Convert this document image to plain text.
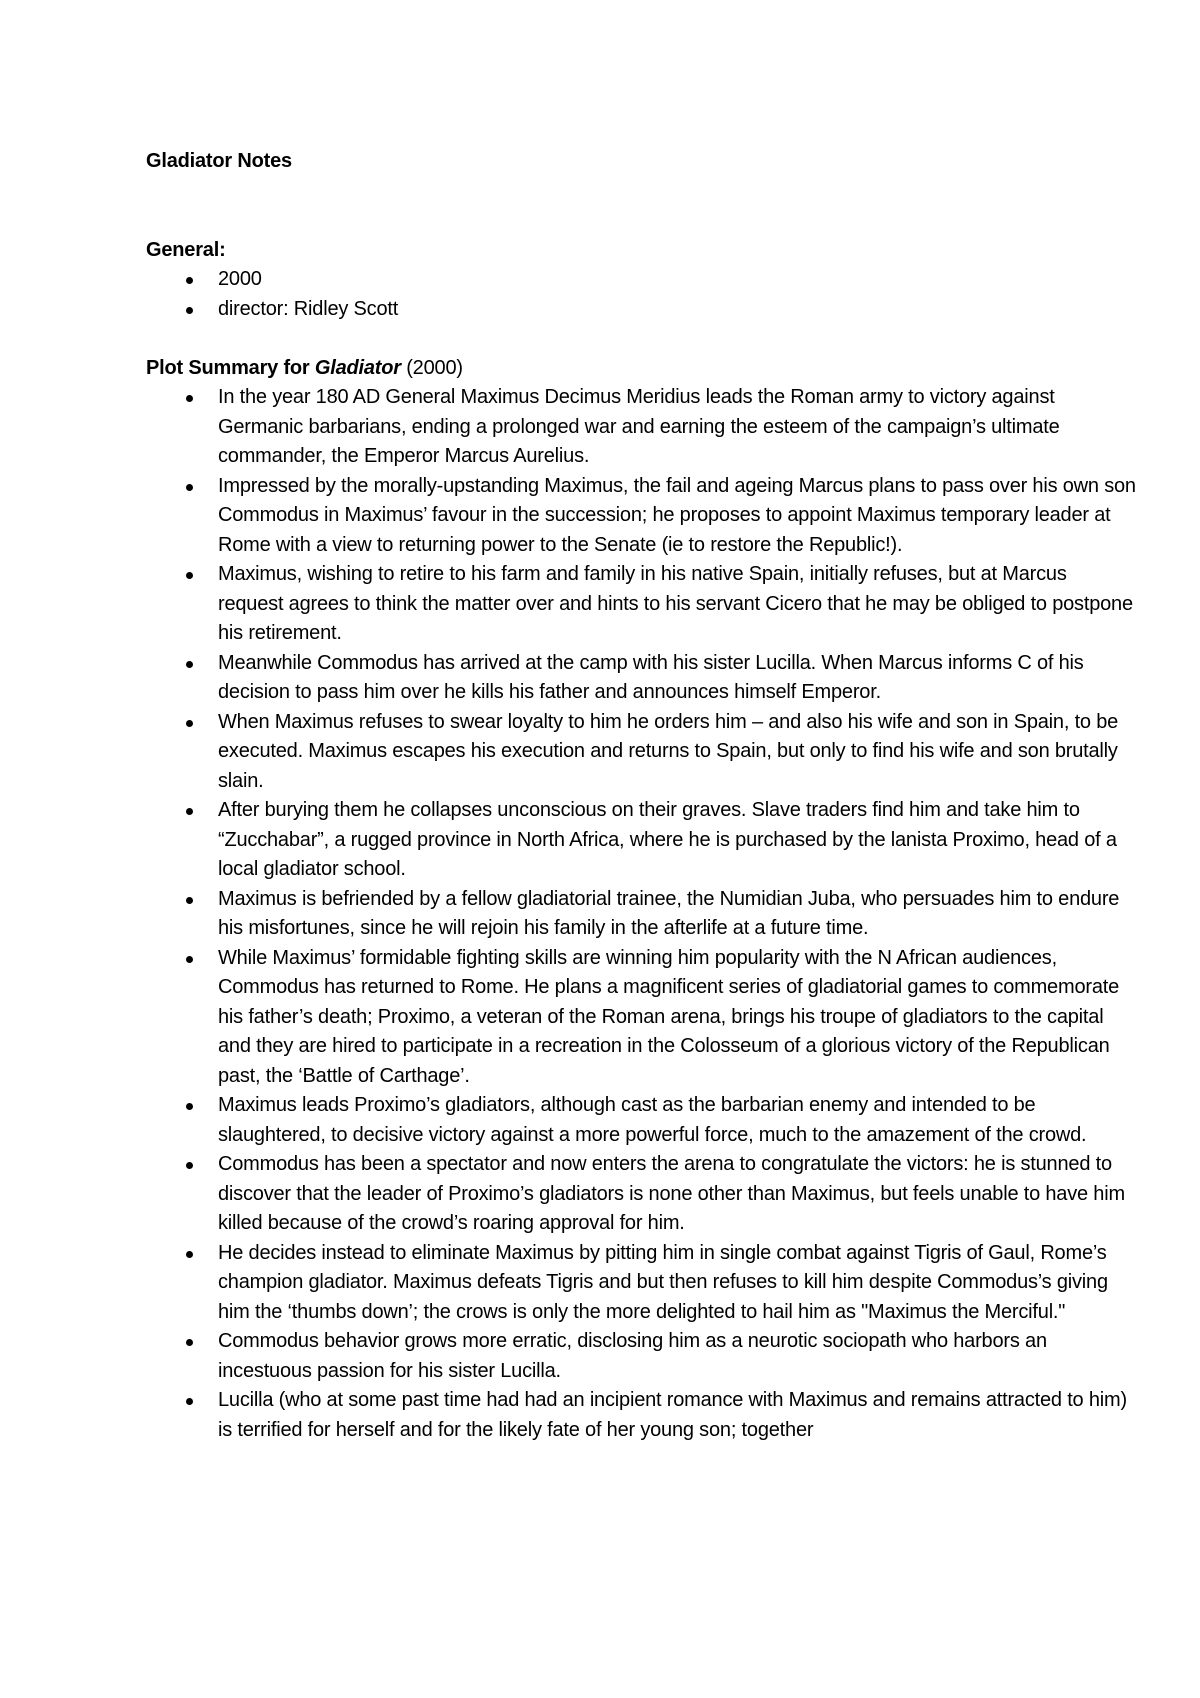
Gladiator Notes

General:

2000
director: Ridley Scott

Plot Summary for Gladiator (2000)

In the year 180 AD General Maximus Decimus Meridius leads the Roman army to victory against Germanic barbarians, ending a prolonged war and earning the esteem of the campaign’s ultimate commander, the Emperor Marcus Aurelius.
Impressed by the morally-upstanding Maximus, the fail and ageing Marcus plans to pass over his own son Commodus in Maximus’ favour in the succession; he proposes to appoint Maximus temporary leader at Rome with a view to returning power to the Senate (ie to restore the Republic!).
Maximus, wishing to retire to his farm and family in his native Spain, initially refuses, but at Marcus request agrees to think the matter over and hints to his servant Cicero that he may be obliged to postpone his retirement.
Meanwhile Commodus has arrived at the camp with his sister Lucilla. When Marcus informs C of his decision to pass him over he kills his father and announces himself Emperor.
When Maximus refuses to swear loyalty to him he orders him – and also his wife and son in Spain, to be executed. Maximus escapes his execution and returns to Spain, but only to find his wife and son brutally slain.
After burying them he collapses unconscious on their graves. Slave traders find him and take him to “Zucchabar”, a rugged province in North Africa, where he is purchased by the lanista Proximo, head of a local gladiator school.
Maximus is befriended by a fellow gladiatorial trainee, the Numidian Juba, who persuades him to endure his misfortunes, since he will rejoin his family in the afterlife at a future time.
While Maximus’ formidable fighting skills are winning him popularity with the N African audiences, Commodus has returned to Rome. He plans a magnificent series of gladiatorial games to commemorate his father’s death; Proximo, a veteran of the Roman arena, brings his troupe of gladiators to the capital and they are hired to participate in a recreation in the Colosseum of a glorious victory of the Republican past, the ‘Battle of Carthage’.
Maximus leads Proximo’s gladiators, although cast as the barbarian enemy and intended to be slaughtered, to decisive victory against a more powerful force, much to the amazement of the crowd.
Commodus has been a spectator and now enters the arena to congratulate the victors: he is stunned to discover that the leader of Proximo’s gladiators is none other than Maximus, but feels unable to have him killed because of the crowd’s roaring approval for him.
He decides instead to eliminate Maximus by pitting him in single combat against Tigris of Gaul, Rome’s champion gladiator. Maximus defeats Tigris and but then refuses to kill him despite Commodus’s giving him the ‘thumbs down’; the crows is only the more delighted to hail him as "Maximus the Merciful."
Commodus behavior grows more erratic, disclosing him as a neurotic sociopath who harbors an incestuous passion for his sister Lucilla.
Lucilla (who at some past time had had an incipient romance with Maximus and remains attracted to him) is terrified for herself and for the likely fate of her young son; together
